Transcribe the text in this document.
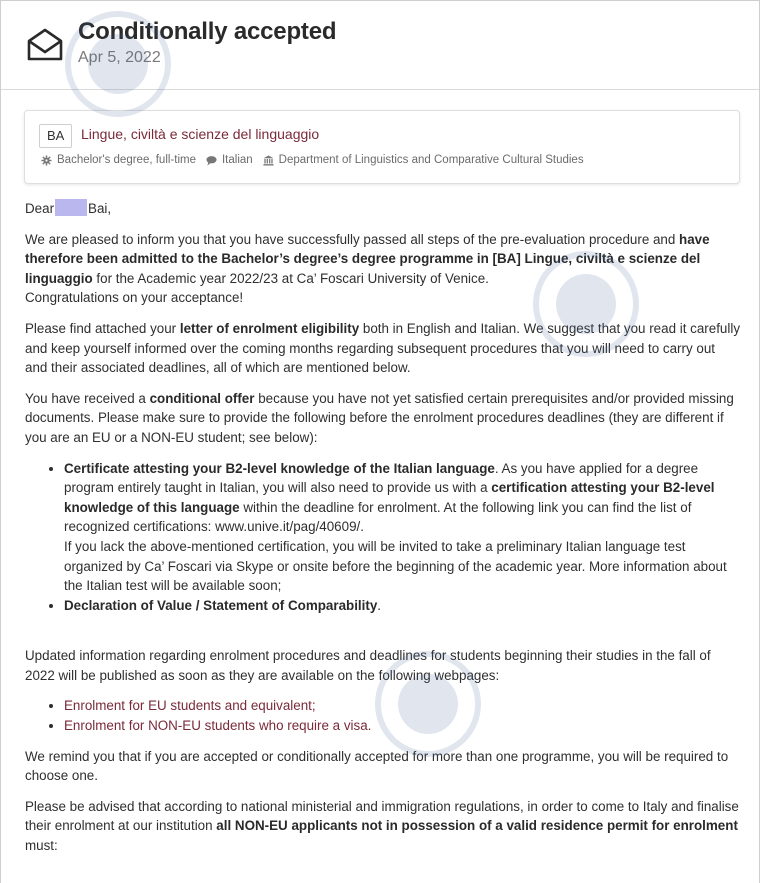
Conditionally accepted
Apr 5, 2022
BA	Lingue, civiltà e scienze del linguaggio
Bachelor's degree, full-time Italian Department of Linguistics and Comparative Cultural Studies

Dear	Bai,

We are pleased to inform you that you have successfully passed all steps of the pre-evaluation procedure and have therefore been admitted to the Bachelor’s degree’s degree programme in [BA] Lingue, civiltà e scienze del linguaggio for the Academic year 2022/23 at Ca’ Foscari University of Venice.
Congratulations on your acceptance!

Please find attached your letter of enrolment eligibility both in English and Italian. We suggest that you read it carefully and keep yourself informed over the coming months regarding subsequent procedures that you will need to carry out and their associated deadlines, all of which are mentioned below.

You have received a conditional offer because you have not yet satisfied certain prerequisites and/or provided missing documents. Please make sure to provide the following before the enrolment procedures deadlines (they are different if you are an EU or a NON-EU student; see below):

• Certificate attesting your B2-level knowledge of the Italian language. As you have applied for a degree program entirely taught in Italian, you will also need to provide us with a certification attesting your B2-level knowledge of this language within the deadline for enrolment. At the following link you can find the list of recognized certifications: www.unive.it/pag/40609/.
If you lack the above-mentioned certification, you will be invited to take a preliminary Italian language test organized by Ca’ Foscari via Skype or onsite before the beginning of the academic year. More information about the Italian test will be available soon;
• Declaration of Value / Statement of Comparability.

Updated information regarding enrolment procedures and deadlines for students beginning their studies in the fall of 2022 will be published as soon as they are available on the following webpages:

• Enrolment for EU students and equivalent;
• Enrolment for NON-EU students who require a visa.

We remind you that if you are accepted or conditionally accepted for more than one programme, you will be required to choose one.

Please be advised that according to national ministerial and immigration regulations, in order to come to Italy and finalise their enrolment at our institution all NON-EU applicants not in possession of a valid residence permit for enrolment must:
